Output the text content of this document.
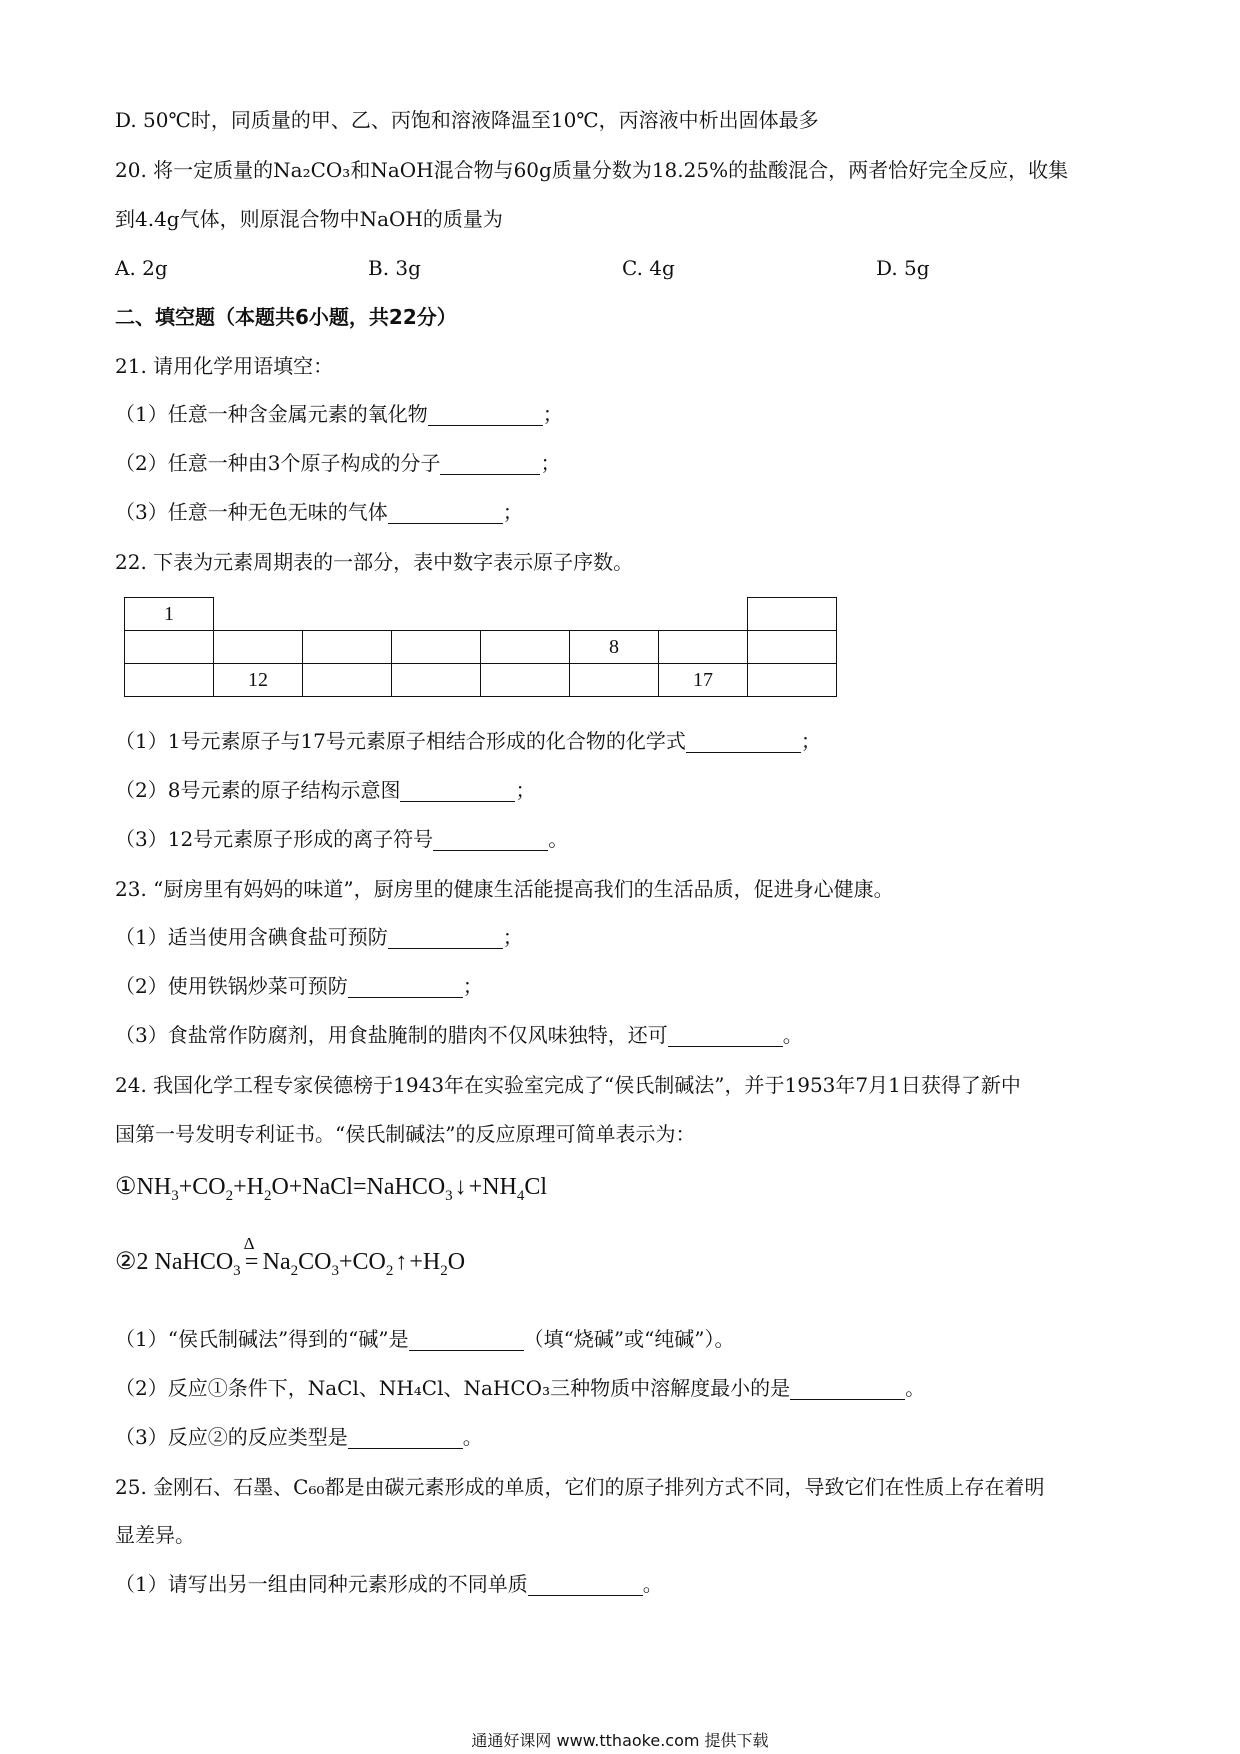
D. 50℃时，同质量的甲、乙、丙饱和溶液降温至10℃，丙溶液中析出固体最多
20. 将一定质量的Na₂CO₃和NaOH混合物与60g质量分数为18.25%的盐酸混合，两者恰好完全反应，收集
到4.4g气体，则原混合物中NaOH的质量为
A. 2g	B. 3g	C. 4g	D. 5g
二、填空题（本题共6小题，共22分）
21. 请用化学用语填空：
（1）任意一种含金属元素的氧化物	；
（2）任意一种由3个原子构成的分子	；
（3）任意一种无色无味的气体	；
22. 下表为元素周期表的一部分，表中数字表示原子序数。
1							
					8		
	12					17	
（1）1号元素原子与17号元素原子相结合形成的化合物的化学式	；
（2）8号元素的原子结构示意图	；
（3）12号元素原子形成的离子符号	。
23. “厨房里有妈妈的味道”，厨房里的健康生活能提高我们的生活品质，促进身心健康。
（1）适当使用含碘食盐可预防	；
（2）使用铁锅炒菜可预防	；
（3）食盐常作防腐剂，用食盐腌制的腊肉不仅风味独特，还可	。
24. 我国化学工程专家侯德榜于1943年在实验室完成了“侯氏制碱法”，并于1953年7月1日获得了新中
国第一号发明专利证书。“侯氏制碱法”的反应原理可简单表示为：
$①NH_3+CO_2+H_2O+NaCl=NaHCO_3$ ↓ $+NH_4Cl$
②2 NaHCO$_3$
Δ
= $Na_2CO_3+CO_2$ ↑ $+H_2O$
（1）“侯氏制碱法”得到的“碱”是	（填“烧碱”或“纯碱”）。
（2）反应①条件下，NaCl、NH₄Cl、NaHCO₃三种物质中溶解度最小的是	。
（3）反应②的反应类型是	。
25. 金刚石、石墨、C₆₀都是由碳元素形成的单质，它们的原子排列方式不同，导致它们在性质上存在着明
显差异。
（1）请写出另一组由同种元素形成的不同单质	。
通通好课网 www.tthaoke.com 提供下载
